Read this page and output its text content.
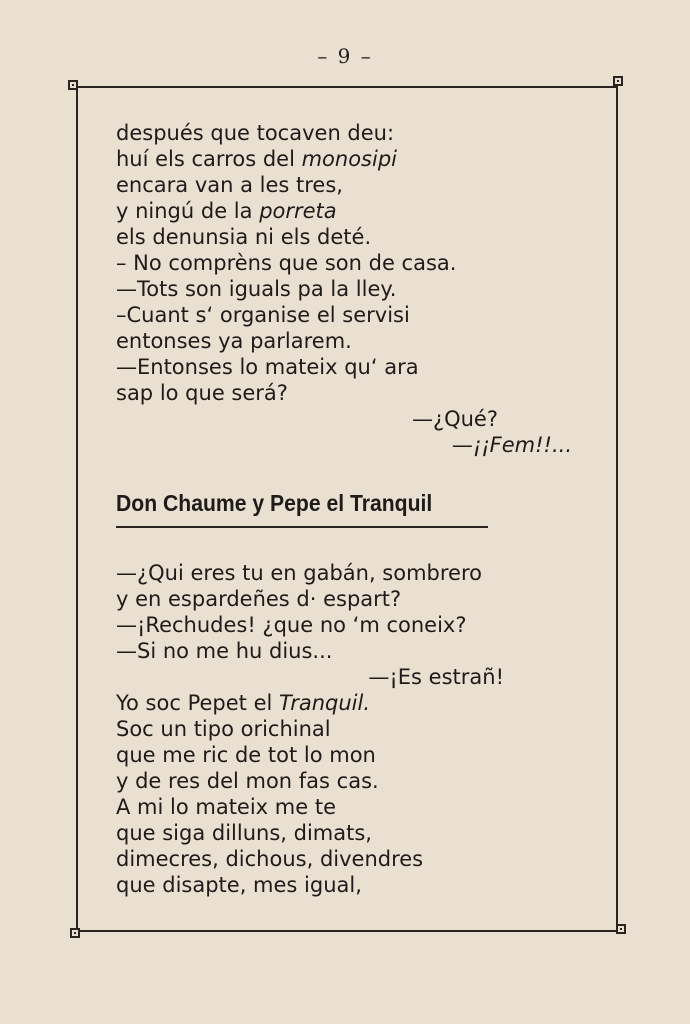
– 9 –
después que tocaven deu:
huí els carros del monosipi
encara van a les tres,
y ningú de la porreta
els denunsia ni els deté.
– No comprèns que son de casa.
—Tots son iguals pa la lley.
–Cuant s‘ organise el servisi
entonses ya parlarem.
—Entonses lo mateix qu‘ ara
sap lo que será?
—¿Qué?
—¡¡Fem!!...
Don Chaume y Pepe el Tranquil
—¿Qui eres tu en gabán, sombrero
y en espardeñes d· espart?
—¡Rechudes! ¿que no ‘m coneix?
—Si no me hu dius...
—¡Es estrañ!
Yo soc Pepet el Tranquil.
Soc un tipo orichinal
que me ric de tot lo mon
y de res del mon fas cas.
A mi lo mateix me te
que siga dilluns, dimats,
dimecres, dichous, divendres
que disapte, mes igual,
